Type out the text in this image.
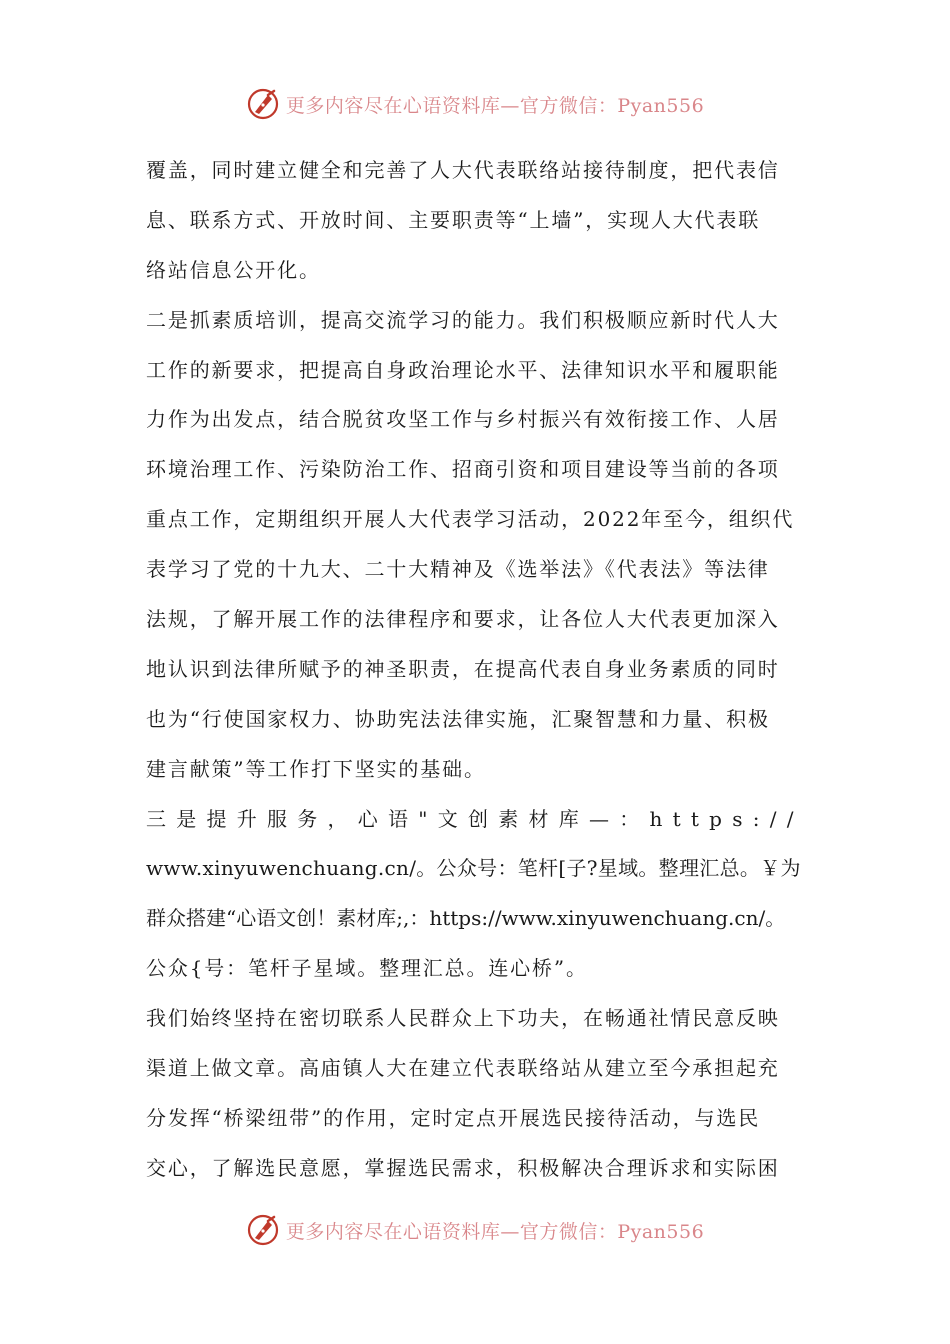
更多内容尽在心语资料库—官方微信：Pyan556
覆盖，同时建立健全和完善了人大代表联络站接待制度，把代表信
息、联系方式、开放时间、主要职责等“上墙”，实现人大代表联
络站信息公开化。
二是抓素质培训，提高交流学习的能力。我们积极顺应新时代人大
工作的新要求，把提高自身政治理论水平、法律知识水平和履职能
力作为出发点，结合脱贫攻坚工作与乡村振兴有效衔接工作、人居
环境治理工作、污染防治工作、招商引资和项目建设等当前的各项
重点工作，定期组织开展人大代表学习活动，2022年至今，组织代
表学习了党的十九大、二十大精神及《选举法》《代表法》等法律
法规，了解开展工作的法律程序和要求，让各位人大代表更加深入
地认识到法律所赋予的神圣职责，在提高代表自身业务素质的同时
也为“行使国家权力、协助宪法法律实施，汇聚智慧和力量、积极
建言献策”等工作打下坚实的基础。
三是提升服务，心语"文创素材库—：https://
www.xinyuwenchuang.cn/。公众号：笔杆[子?星域。整理汇总。￥为
群众搭建“心语文创！素材库;,：https://www.xinyuwenchuang.cn/。
公众{号：笔杆子星域。整理汇总。连心桥”。
我们始终坚持在密切联系人民群众上下功夫，在畅通社情民意反映
渠道上做文章。高庙镇人大在建立代表联络站从建立至今承担起充
分发挥“桥梁纽带”的作用，定时定点开展选民接待活动，与选民
交心，了解选民意愿，掌握选民需求，积极解决合理诉求和实际困
更多内容尽在心语资料库—官方微信：Pyan556
